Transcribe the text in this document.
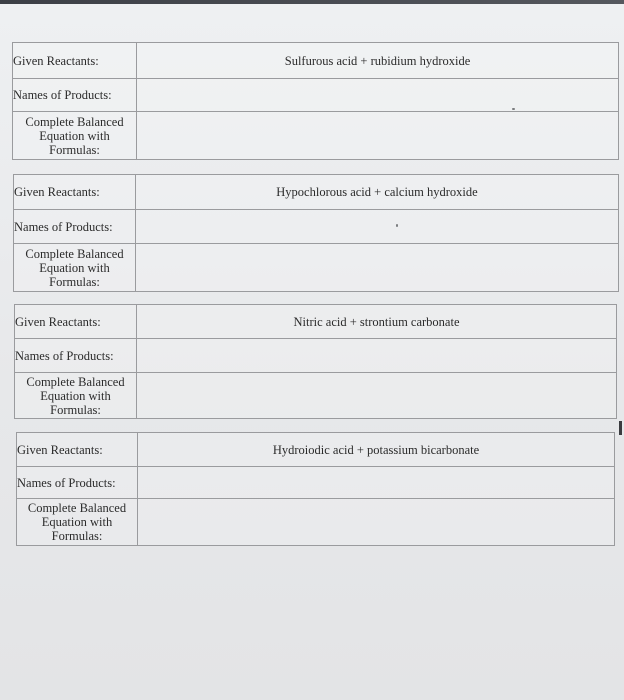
Given Reactants:	Sulfurous acid + rubidium hydroxide
Names of Products:	

Complete Balanced
Equation with
Formulas:	

Given Reactants:	Hypochlorous acid + calcium hydroxide
Names of Products:	

Complete Balanced
Equation with
Formulas:	

Given Reactants:	Nitric acid + strontium carbonate
Names of Products:	

Complete Balanced
Equation with
Formulas:	

Given Reactants:	Hydroiodic acid + potassium bicarbonate
Names of Products:	

Complete Balanced
Equation with
Formulas:	
